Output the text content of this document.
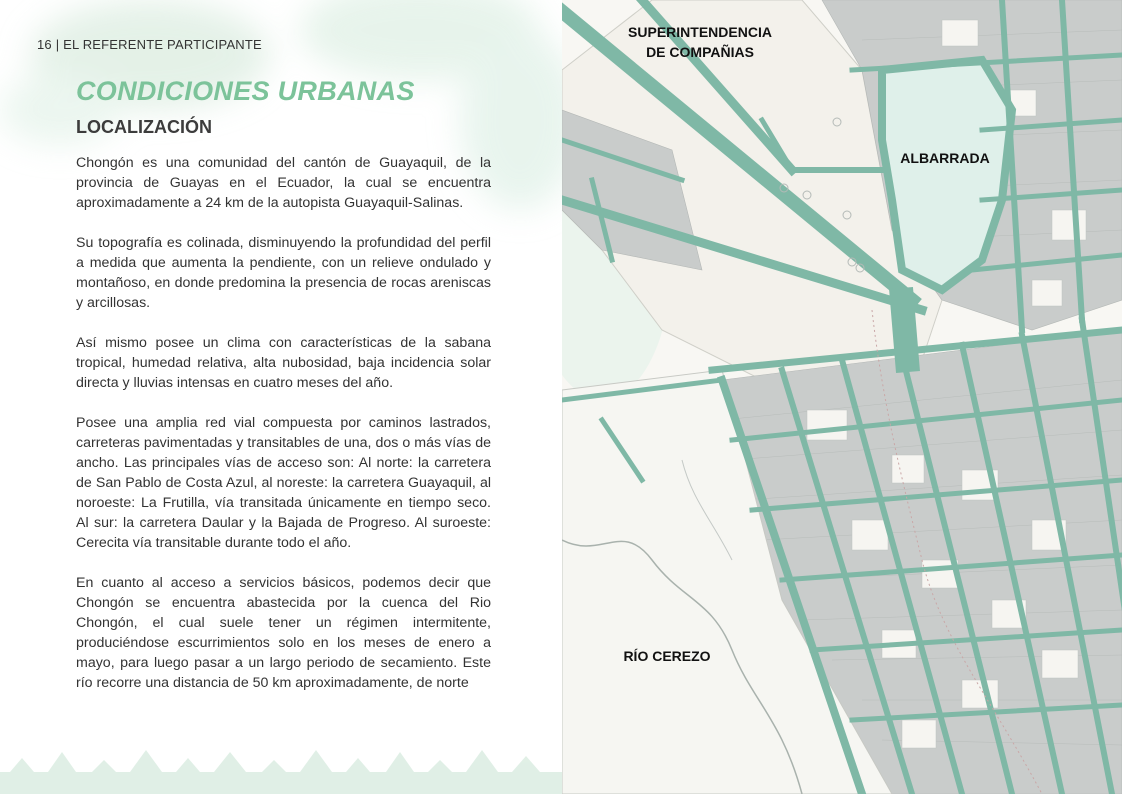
16 | EL REFERENTE PARTICIPANTE
CONDICIONES URBANAS
LOCALIZACIÓN

Chongón es una comunidad del cantón de Guayaquil, de la provincia de Guayas en el Ecuador, la cual se encuentra aproximadamente a 24 km de la autopista Guayaquil-Salinas.

Su topografía es colinada, disminuyendo la profundidad del perfil a medida que aumenta la pendiente, con un relieve ondulado y montañoso, en donde predomina la presencia de rocas areniscas y arcillosas.

Así mismo posee un clima con características de la sabana tropical, humedad relativa, alta nubosidad, baja incidencia solar directa y lluvias intensas en cuatro meses del año.

Posee una amplia red vial compuesta por caminos lastrados, carreteras pavimentadas y transitables de una, dos o más vías de ancho. Las principales vías de acceso son: Al norte: la carretera de San Pablo de Costa Azul, al noreste: la carretera Guayaquil, al noroeste: La Frutilla, vía transitada únicamente en tiempo seco. Al sur: la carretera Daular y la Bajada de Progreso. Al suroeste: Cerecita vía transitable durante todo el año.

En cuanto al acceso a servicios básicos, podemos decir que Chongón se encuentra abastecida por la cuenca del Rio Chongón, el cual suele tener un régimen intermitente, produciéndose escurrimientos solo en los meses de enero a mayo, para luego pasar a un largo periodo de secamiento. Este río recorre una distancia de 50 km aproximadamente, de norte

SUPERINTENDENCIA
DE COMPAÑIAS
ALBARRADA
RÍO CEREZO
